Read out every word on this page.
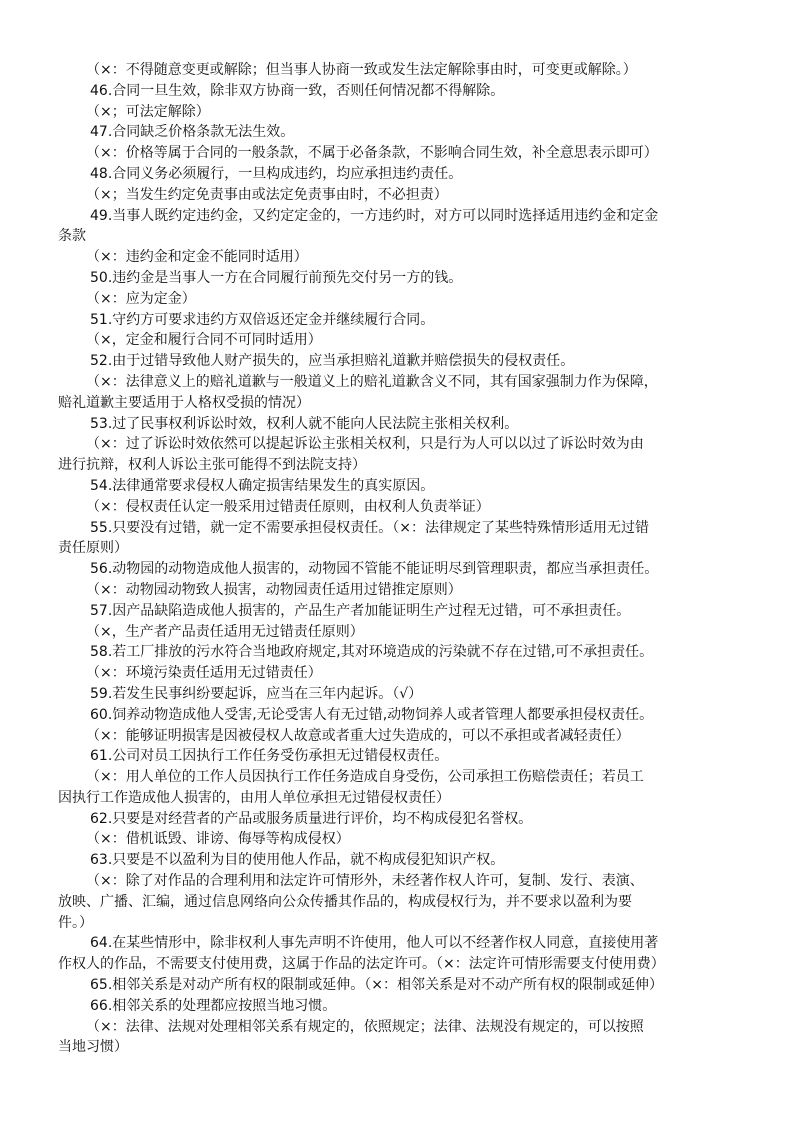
（×：不得随意变更或解除；但当事人协商一致或发生法定解除事由时，可变更或解除。）
46.合同一旦生效，除非双方协商一致，否则任何情况都不得解除。
（×；可法定解除）
47.合同缺乏价格条款无法生效。
（×：价格等属于合同的一般条款，不属于必备条款，不影响合同生效，补全意思表示即可）
48.合同义务必须履行，一旦构成违约，均应承担违约责任。
（×；当发生约定免责事由或法定免责事由时，不必担责）
49.当事人既约定违约金，又约定定金的，一方违约时，对方可以同时选择适用违约金和定金
条款
（×：违约金和定金不能同时适用）
50.违约金是当事人一方在合同履行前预先交付另一方的钱。
（×：应为定金）
51.守约方可要求违约方双倍返还定金并继续履行合同。
（×，定金和履行合同不可同时适用）
52.由于过错导致他人财产损失的，应当承担赔礼道歉并赔偿损失的侵权责任。
（×：法律意义上的赔礼道歉与一般道义上的赔礼道歉含义不同，其有国家强制力作为保障，
赔礼道歉主要适用于人格权受损的情况）
53.过了民事权利诉讼时效，权利人就不能向人民法院主张相关权利。
（×：过了诉讼时效依然可以提起诉讼主张相关权利，只是行为人可以以过了诉讼时效为由
进行抗辩，权利人诉讼主张可能得不到法院支持）
54.法律通常要求侵权人确定损害结果发生的真实原因。
（×：侵权责任认定一般采用过错责任原则，由权利人负责举证）
55.只要没有过错，就一定不需要承担侵权责任。（×：法律规定了某些特殊情形适用无过错
责任原则）
56.动物园的动物造成他人损害的，动物园不管能不能证明尽到管理职责，都应当承担责任。
（×：动物园动物致人损害，动物园责任适用过错推定原则）
57.因产品缺陷造成他人损害的，产品生产者加能证明生产过程无过错，可不承担责任。
（×，生产者产品责任适用无过错责任原则）
58.若工厂排放的污水符合当地政府规定,其对环境造成的污染就不存在过错,可不承担责任。
（×：环境污染责任适用无过错责任）
59.若发生民事纠纷要起诉，应当在三年内起诉。（√）
60.饲养动物造成他人受害,无论受害人有无过错,动物饲养人或者管理人都要承担侵权责任。
（×：能够证明损害是因被侵权人故意或者重大过失造成的，可以不承担或者减轻责任）
61.公司对员工因执行工作任务受伤承担无过错侵权责任。
（×：用人单位的工作人员因执行工作任务造成自身受伤，公司承担工伤赔偿责任；若员工
因执行工作造成他人损害的，由用人单位承担无过错侵权责任）
62.只要是对经营者的产品或服务质量进行评价，均不构成侵犯名誉权。
（×：借机诋毁、诽谤、侮辱等构成侵权）
63.只要是不以盈利为目的使用他人作品，就不构成侵犯知识产权。
（×：除了对作品的合理利用和法定许可情形外，未经著作权人许可，复制、发行、表演、
放映、广播、汇编，通过信息网络向公众传播其作品的，构成侵权行为，并不要求以盈利为要
件。）
64.在某些情形中，除非权利人事先声明不许使用，他人可以不经著作权人同意，直接使用著
作权人的作品，不需要支付使用费，这属于作品的法定许可。（×：法定许可情形需要支付使用费）
65.相邻关系是对动产所有权的限制或延伸。（×：相邻关系是对不动产所有权的限制或延伸）
66.相邻关系的处理都应按照当地习惯。
（×：法律、法规对处理相邻关系有规定的，依照规定；法律、法规没有规定的，可以按照
当地习惯）
